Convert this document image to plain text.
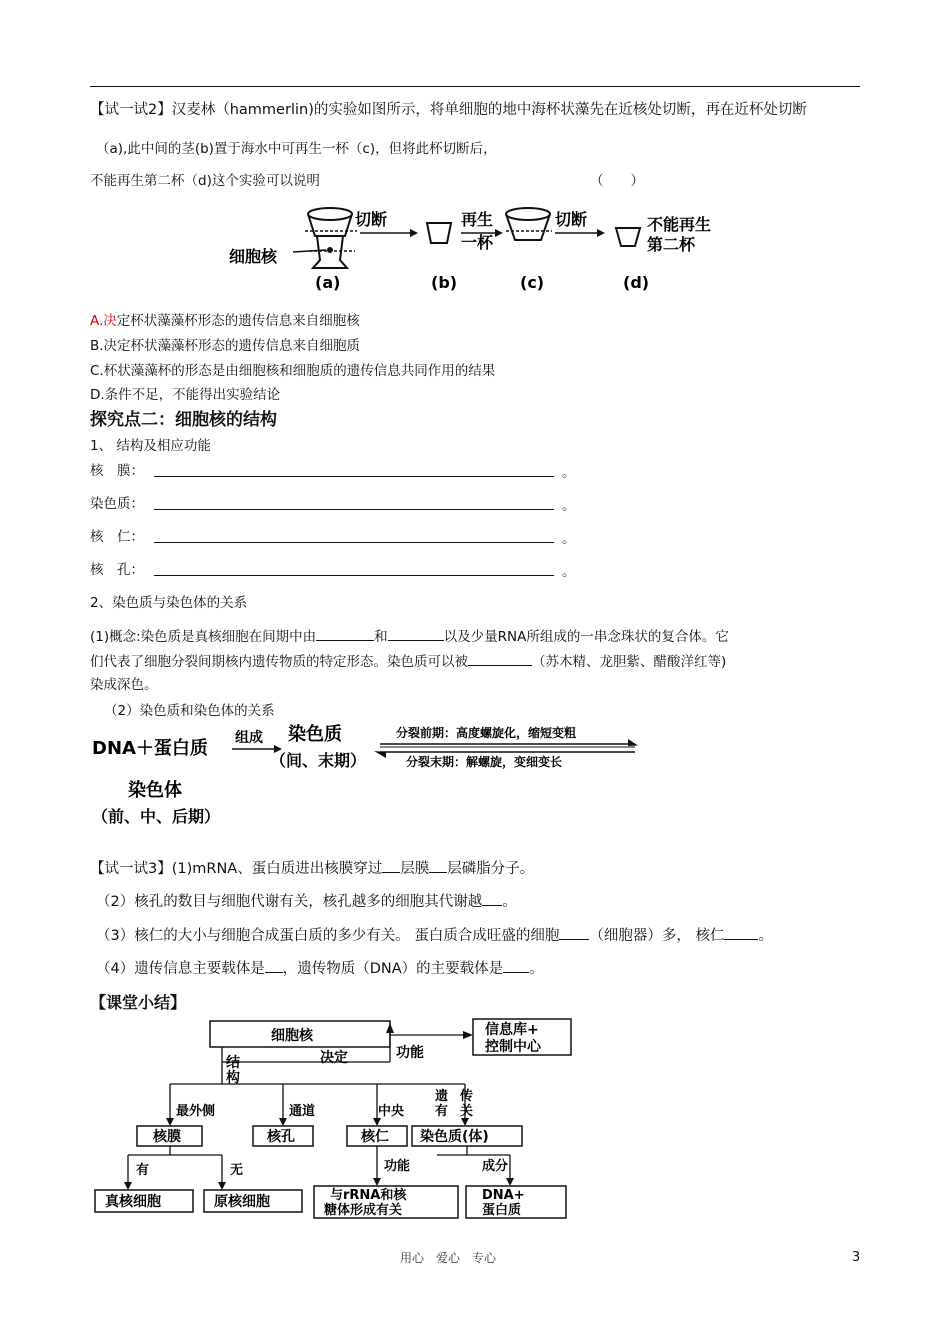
【试一试2】汉麦林（hammerlin)的实验如图所示，将单细胞的地中海杯状藻先在近核处切断，再在近杯处切断
（a),此中间的茎(b)置于海水中可再生一杯（c)，但将此杯切断后，
不能再生第二杯（d)这个实验可以说明	（　　）
细胞核
切断	再生
一杯
切断	不能再生
第二杯
(a)	(b)	(c)	(d)
A.决定杯状藻藻杯形态的遗传信息来自细胞核
B.决定杯状藻藻杯形态的遗传信息来自细胞质
C.杯状藻藻杯的形态是由细胞核和细胞质的遗传信息共同作用的结果
D.条件不足，不能得出实验结论
探究点二：细胞核的结构
1、 结构及相应功能
核　膜：	。
染色质：	。
核　仁：	。
核　孔：	。
2、染色质与染色体的关系
(1)概念:染色质是真核细胞在间期中由	和	以及少量RNA所组成的一串念珠状的复合体。它
们代表了细胞分裂间期核内遗传物质的特定形态。染色质可以被	（苏木精、龙胆紫、醋酸洋红等)
染成深色。
（2）染色质和染色体的关系
DNA＋蛋白质 组成 染色质
（间、末期）
分裂前期：高度螺旋化，缩短变粗
分裂末期：解螺旋，变细变长
染色体
（前、中、后期）
【试一试3】(1)mRNA、蛋白质进出核膜穿过 层膜 层磷脂分子。
（2）核孔的数目与细胞代谢有关，核孔越多的细胞其代谢越 。
（3）核仁的大小与细胞合成蛋白质的多少有关。 蛋白质合成旺盛的细胞 （细胞器）多， 核仁 。
（4）遗传信息主要载体是 ，遗传物质（DNA）的主要载体是 。
【课堂小结】
细胞核	信息库+
控制中心
结
构
决定	功能
最外侧	通道	中央
遗 传
有 关
核膜	核孔	核仁 染色质(体)
有	无	功能	成分
真核细胞	原核细胞	与rRNA和核
糖体形成有关
DNA+
蛋白质
用心　爱心　专心	3
